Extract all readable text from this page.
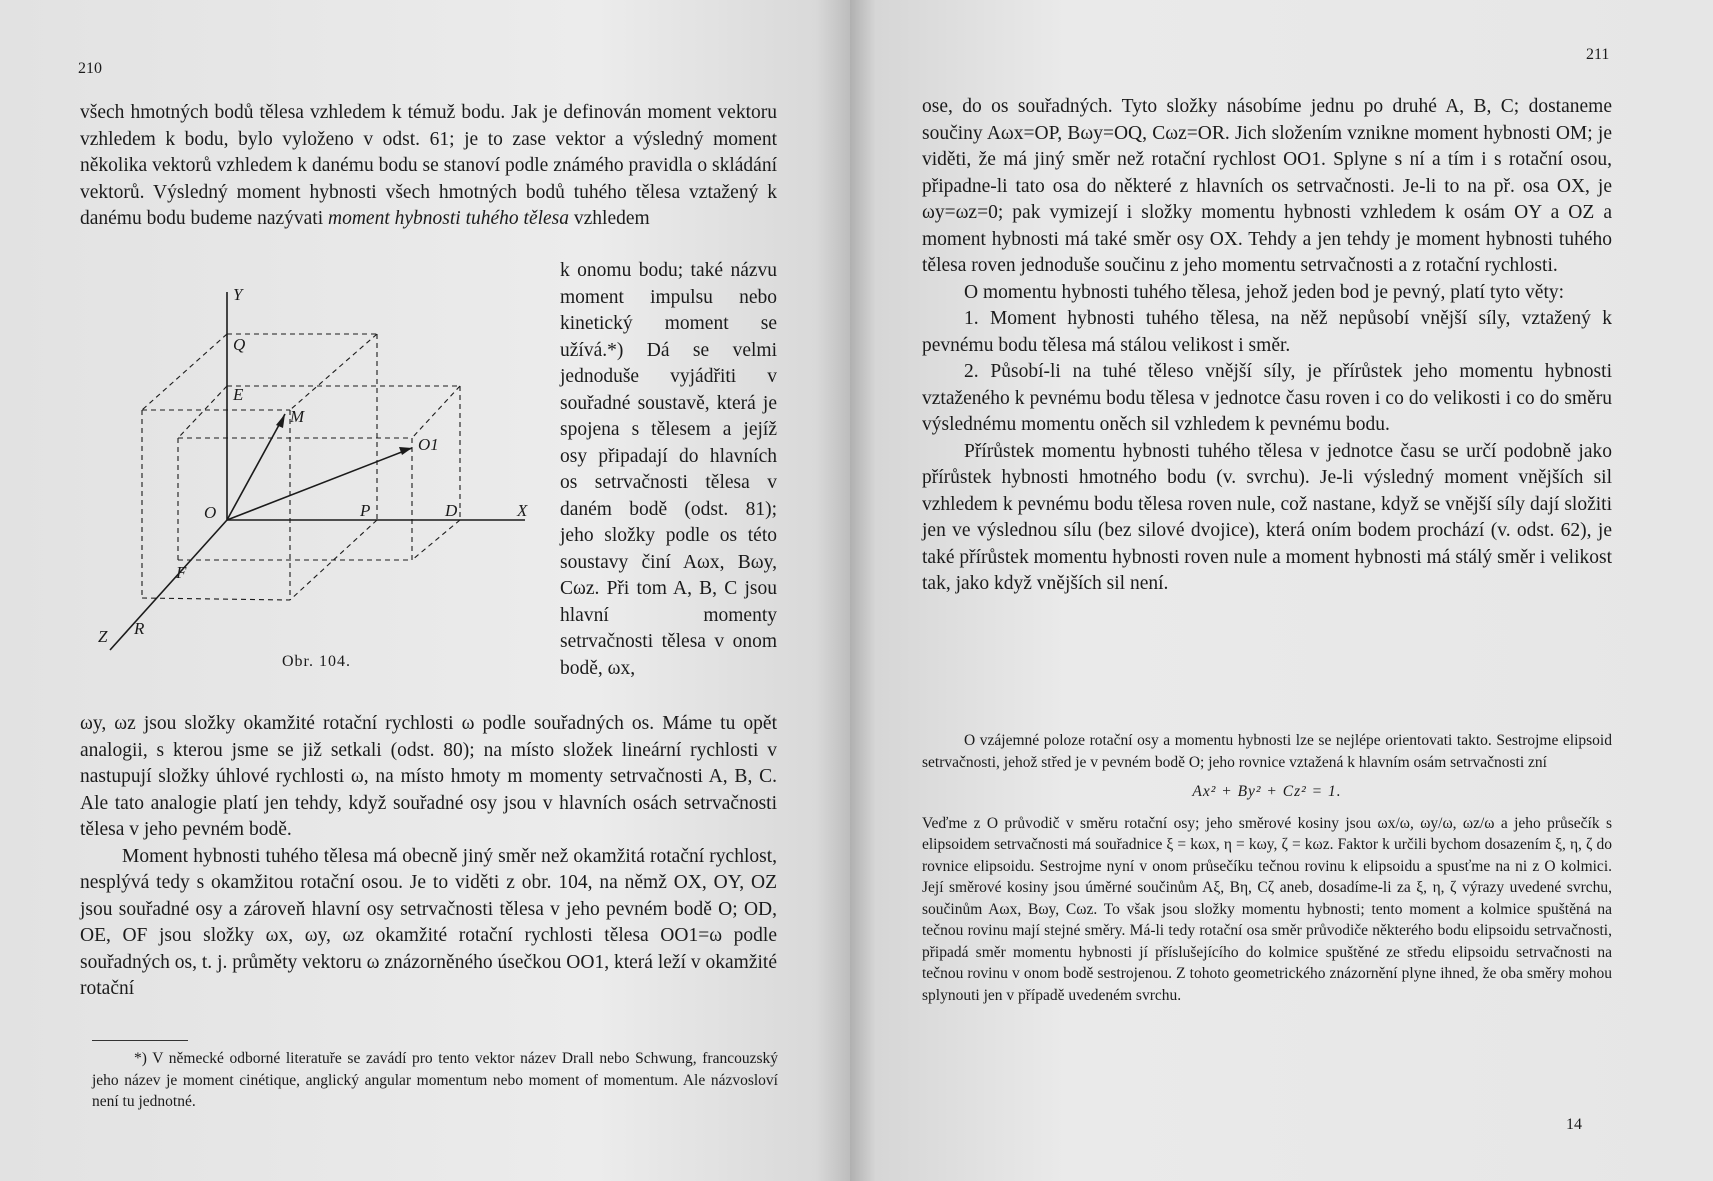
210

všech hmotných bodů tělesa vzhledem k témuž bodu. Jak je definován moment vektoru vzhledem k bodu, bylo vyloženo v odst. 61; je to zase vektor a výsledný moment několika vektorů vzhledem k danému bodu se stanoví podle známého pravidla o skládání vektorů. Výsledný moment hybnosti všech hmotných bodů tuhého tělesa vztažený k danému bodu budeme nazývati moment hybnosti tuhého tělesa vzhledem

Y
Q
E
M
O1
O	P	D	X
F
R
Z
Obr. 104.

k onomu bodu; také názvu moment impulsu nebo kinetický moment se užívá.*) Dá se velmi jednoduše vyjádřiti v souřadné soustavě, která je spojena s tělesem a jejíž osy připadají do hlavních os setrvačnosti tělesa v daném bodě (odst. 81); jeho složky podle os této soustavy činí Aωx, Bωy, Cωz. Při tom A, B, C jsou hlavní momenty setrvačnosti tělesa v onom bodě, ωx,

ωy, ωz jsou složky okamžité rotační rychlosti ω podle souřadných os. Máme tu opět analogii, s kterou jsme se již setkali (odst. 80); na místo složek lineární rychlosti v nastupují složky úhlové rychlosti ω, na místo hmoty m momenty setrvačnosti A, B, C. Ale tato analogie platí jen tehdy, když souřadné osy jsou v hlavních osách setrvačnosti tělesa v jeho pevném bodě.

Moment hybnosti tuhého tělesa má obecně jiný směr než okamžitá rotační rychlost, nesplývá tedy s okamžitou rotační osou. Je to viděti z obr. 104, na němž OX, OY, OZ jsou souřadné osy a zároveň hlavní osy setrvačnosti tělesa v jeho pevném bodě O; OD, OE, OF jsou složky ωx, ωy, ωz okamžité rotační rychlosti tělesa OO1=ω podle souřadných os, t. j. průměty vektoru ω znázorněného úsečkou OO1, která leží v okamžité rotační

*) V německé odborné literatuře se zavádí pro tento vektor název Drall nebo Schwung, francouzský jeho název je moment cinétique, anglický angular momentum nebo moment of momentum. Ale názvosloví není tu jednotné.

211

ose, do os souřadných. Tyto složky násobíme jednu po druhé A, B, C; dostaneme součiny Aωx=OP, Bωy=OQ, Cωz=OR. Jich složením vznikne moment hybnosti OM; je viděti, že má jiný směr než rotační rychlost OO1. Splyne s ní a tím i s rotační osou, připadne-li tato osa do některé z hlavních os setrvačnosti. Je-li to na př. osa OX, je ωy=ωz=0; pak vymizejí i složky momentu hybnosti vzhledem k osám OY a OZ a moment hybnosti má také směr osy OX. Tehdy a jen tehdy je moment hybnosti tuhého tělesa roven jednoduše součinu z jeho momentu setrvačnosti a z rotační rychlosti.

O momentu hybnosti tuhého tělesa, jehož jeden bod je pevný, platí tyto věty:

1. Moment hybnosti tuhého tělesa, na něž nepůsobí vnější síly, vztažený k pevnému bodu tělesa má stálou velikost i směr.

2. Působí-li na tuhé těleso vnější síly, je přírůstek jeho momentu hybnosti vztaženého k pevnému bodu tělesa v jednotce času roven i co do velikosti i co do směru výslednému momentu oněch sil vzhledem k pevnému bodu.

Přírůstek momentu hybnosti tuhého tělesa v jednotce času se určí podobně jako přírůstek hybnosti hmotného bodu (v. svrchu). Je-li výsledný moment vnějších sil vzhledem k pevnému bodu tělesa roven nule, což nastane, když se vnější síly dají složiti jen ve výslednou sílu (bez silové dvojice), která oním bodem prochází (v. odst. 62), je také přírůstek momentu hybnosti roven nule a moment hybnosti má stálý směr i velikost tak, jako když vnějších sil není.

O vzájemné poloze rotační osy a momentu hybnosti lze se nejlépe orientovati takto. Sestrojme elipsoid setrvačnosti, jehož střed je v pevném bodě O; jeho rovnice vztažená k hlavním osám setrvačnosti zní

Ax² + By² + Cz² = 1.

Veďme z O průvodič v směru rotační osy; jeho směrové kosiny jsou ωx/ω, ωy/ω, ωz/ω a jeho průsečík s elipsoidem setrvačnosti má souřadnice ξ = kωx, η = kωy, ζ = kωz. Faktor k určili bychom dosazením ξ, η, ζ do rovnice elipsoidu. Sestrojme nyní v onom průsečíku tečnou rovinu k elipsoidu a spusťme na ni z O kolmici. Její směrové kosiny jsou úměrné součinům Aξ, Bη, Cζ aneb, dosadíme-li za ξ, η, ζ výrazy uvedené svrchu, součinům Aωx, Bωy, Cωz. To však jsou složky momentu hybnosti; tento moment a kolmice spuštěná na tečnou rovinu mají stejné směry. Má-li tedy rotační osa směr průvodiče některého bodu elipsoidu setrvačnosti, připadá směr momentu hybnosti jí příslušejícího do kolmice spuštěné ze středu elipsoidu setrvačnosti na tečnou rovinu v onom bodě sestrojenou. Z tohoto geometrického znázornění plyne ihned, že oba směry mohou splynouti jen v případě uvedeném svrchu.

14
